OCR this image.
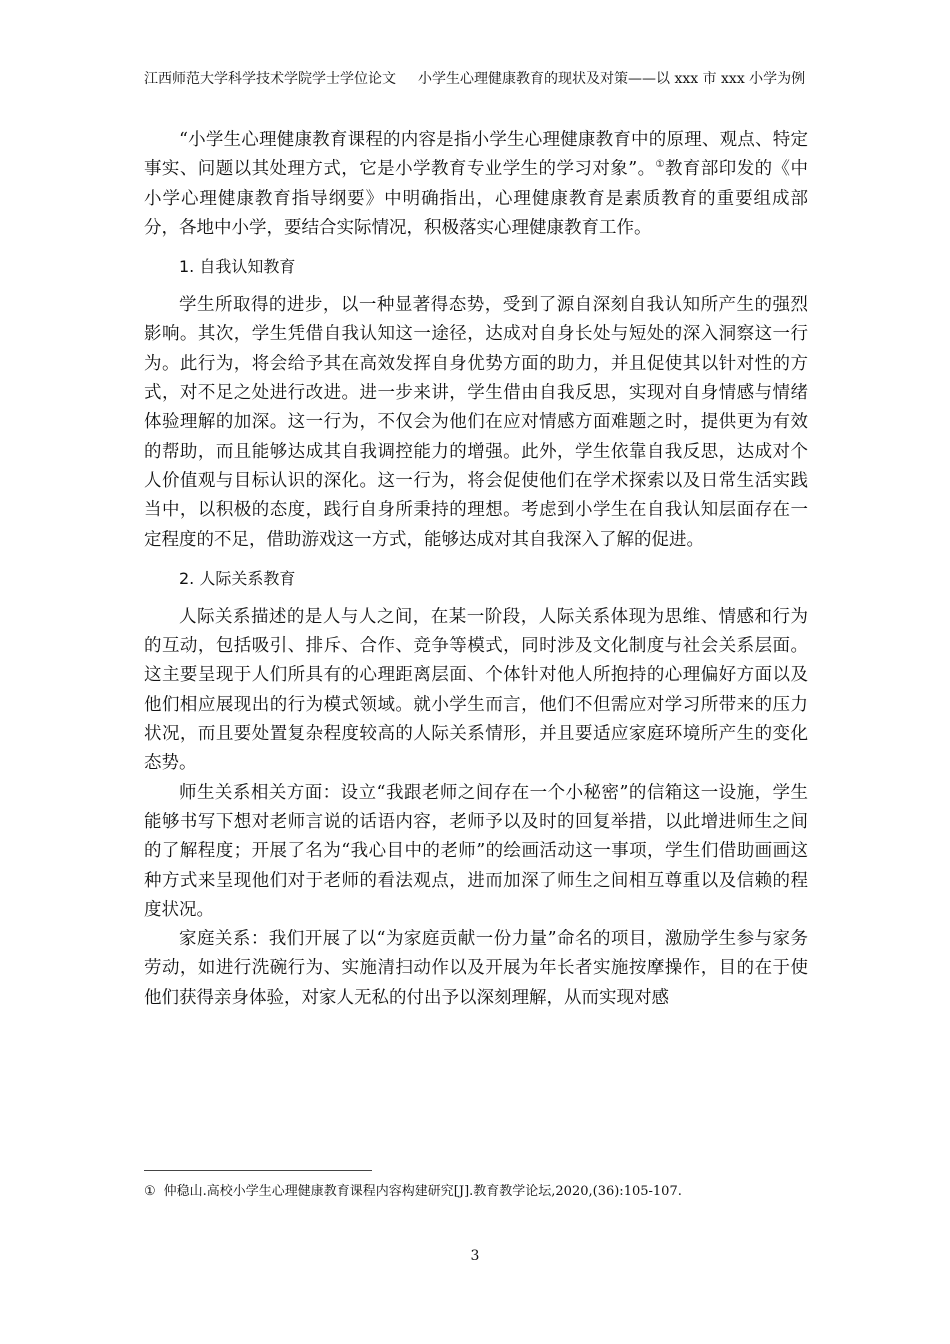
江西师范大学科学技术学院学士学位论文 小学生心理健康教育的现状及对策——以 xxx 市 xxx 小学为例

“小学生心理健康教育课程的内容是指小学生心理健康教育中的原理、观点、特定事实、问题以其处理方式，它是小学教育专业学生的学习对象”。①教育部印发的《中小学心理健康教育指导纲要》中明确指出，心理健康教育是素质教育的重要组成部分，各地中小学，要结合实际情况，积极落实心理健康教育工作。

1. 自我认知教育

学生所取得的进步，以一种显著得态势，受到了源自深刻自我认知所产生的强烈影响。其次，学生凭借自我认知这一途径，达成对自身长处与短处的深入洞察这一行为。此行为，将会给予其在高效发挥自身优势方面的助力，并且促使其以针对性的方式，对不足之处进行改进。进一步来讲，学生借由自我反思，实现对自身情感与情绪体验理解的加深。这一行为，不仅会为他们在应对情感方面难题之时，提供更为有效的帮助，而且能够达成其自我调控能力的增强。此外，学生依靠自我反思，达成对个人价值观与目标认识的深化。这一行为，将会促使他们在学术探索以及日常生活实践当中，以积极的态度，践行自身所秉持的理想。考虑到小学生在自我认知层面存在一定程度的不足，借助游戏这一方式，能够达成对其自我深入了解的促进。

2. 人际关系教育

人际关系描述的是人与人之间，在某一阶段，人际关系体现为思维、情感和行为的互动，包括吸引、排斥、合作、竞争等模式，同时涉及文化制度与社会关系层面。这主要呈现于人们所具有的心理距离层面、个体针对他人所抱持的心理偏好方面以及他们相应展现出的行为模式领域。就小学生而言，他们不但需应对学习所带来的压力状况，而且要处置复杂程度较高的人际关系情形，并且要适应家庭环境所产生的变化态势。

师生关系相关方面：设立“我跟老师之间存在一个小秘密”的信箱这一设施，学生能够书写下想对老师言说的话语内容，老师予以及时的回复举措，以此增进师生之间的了解程度；开展了名为“我心目中的老师”的绘画活动这一事项，学生们借助画画这种方式来呈现他们对于老师的看法观点，进而加深了师生之间相互尊重以及信赖的程度状况。

家庭关系：我们开展了以“为家庭贡献一份力量”命名的项目，激励学生参与家务劳动，如进行洗碗行为、实施清扫动作以及开展为年长者实施按摩操作，目的在于使他们获得亲身体验，对家人无私的付出予以深刻理解，从而实现对感

① 仲稳山.高校小学生心理健康教育课程内容构建研究[J].教育教学论坛,2020,(36):105-107.
3
